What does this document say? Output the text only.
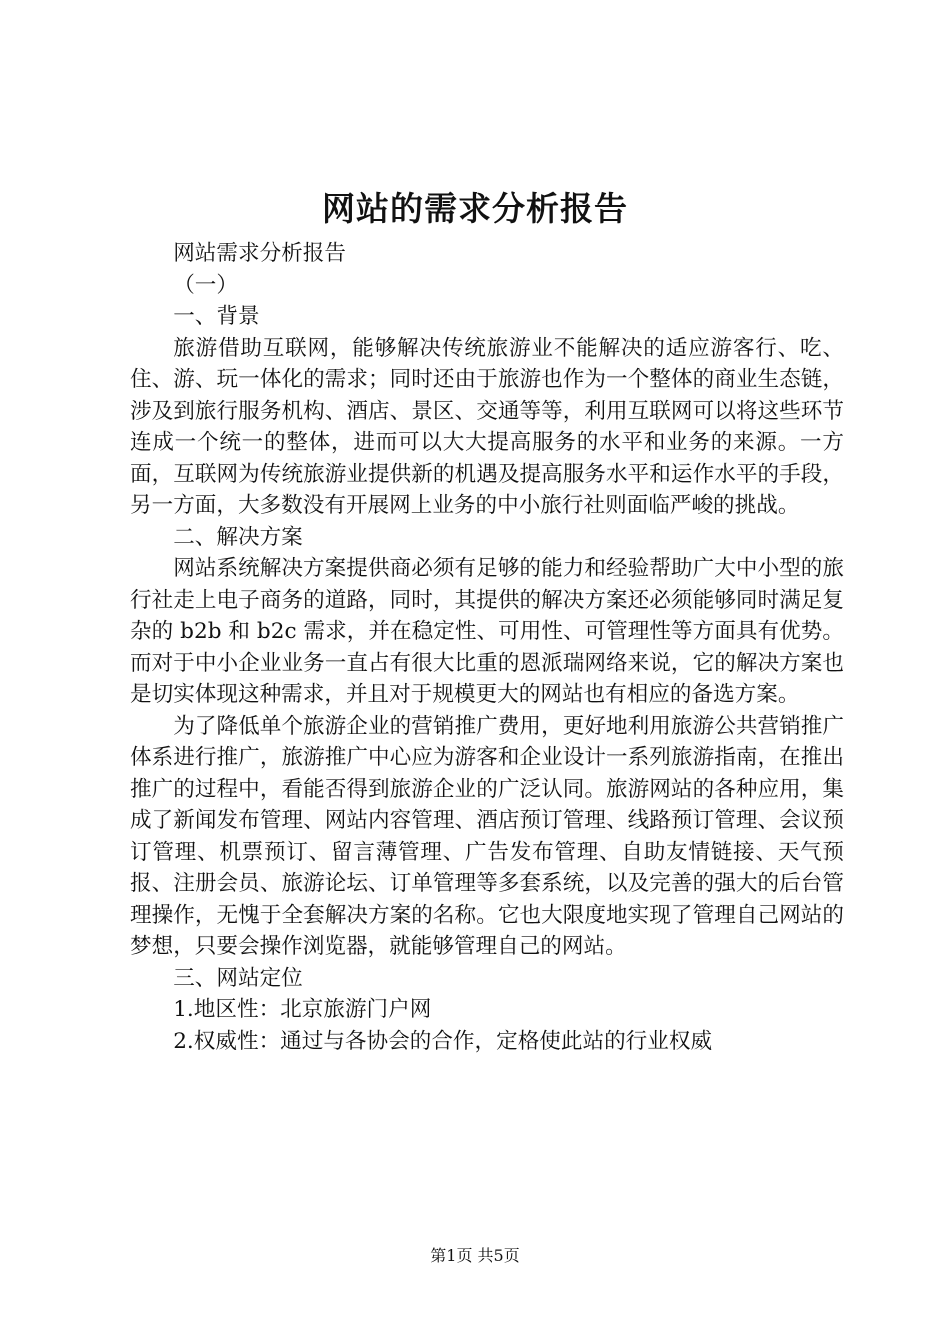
网站的需求分析报告

网站需求分析报告

（一）

一、背景

旅游借助互联网，能够解决传统旅游业不能解决的适应游客行、吃、住、游、玩一体化的需求；同时还由于旅游也作为一个整体的商业生态链，涉及到旅行服务机构、酒店、景区、交通等等，利用互联网可以将这些环节连成一个统一的整体，进而可以大大提高服务的水平和业务的来源。一方面，互联网为传统旅游业提供新的机遇及提高服务水平和运作水平的手段，另一方面，大多数没有开展网上业务的中小旅行社则面临严峻的挑战。

二、解决方案

网站系统解决方案提供商必须有足够的能力和经验帮助广大中小型的旅行社走上电子商务的道路，同时，其提供的解决方案还必须能够同时满足复杂的 b2b 和 b2c 需求，并在稳定性、可用性、可管理性等方面具有优势。而对于中小企业业务一直占有很大比重的恩派瑞网络来说，它的解决方案也是切实体现这种需求，并且对于规模更大的网站也有相应的备选方案。

为了降低单个旅游企业的营销推广费用，更好地利用旅游公共营销推广体系进行推广，旅游推广中心应为游客和企业设计一系列旅游指南，在推出推广的过程中，看能否得到旅游企业的广泛认同。旅游网站的各种应用，集成了新闻发布管理、网站内容管理、酒店预订管理、线路预订管理、会议预订管理、机票预订、留言薄管理、广告发布管理、自助友情链接、天气预报、注册会员、旅游论坛、订单管理等多套系统，以及完善的强大的后台管理操作，无愧于全套解决方案的名称。它也大限度地实现了管理自己网站的梦想，只要会操作浏览器，就能够管理自己的网站。

三、网站定位

1.地区性：北京旅游门户网

2.权威性：通过与各协会的合作，定格使此站的行业权威

第1页 共5页
